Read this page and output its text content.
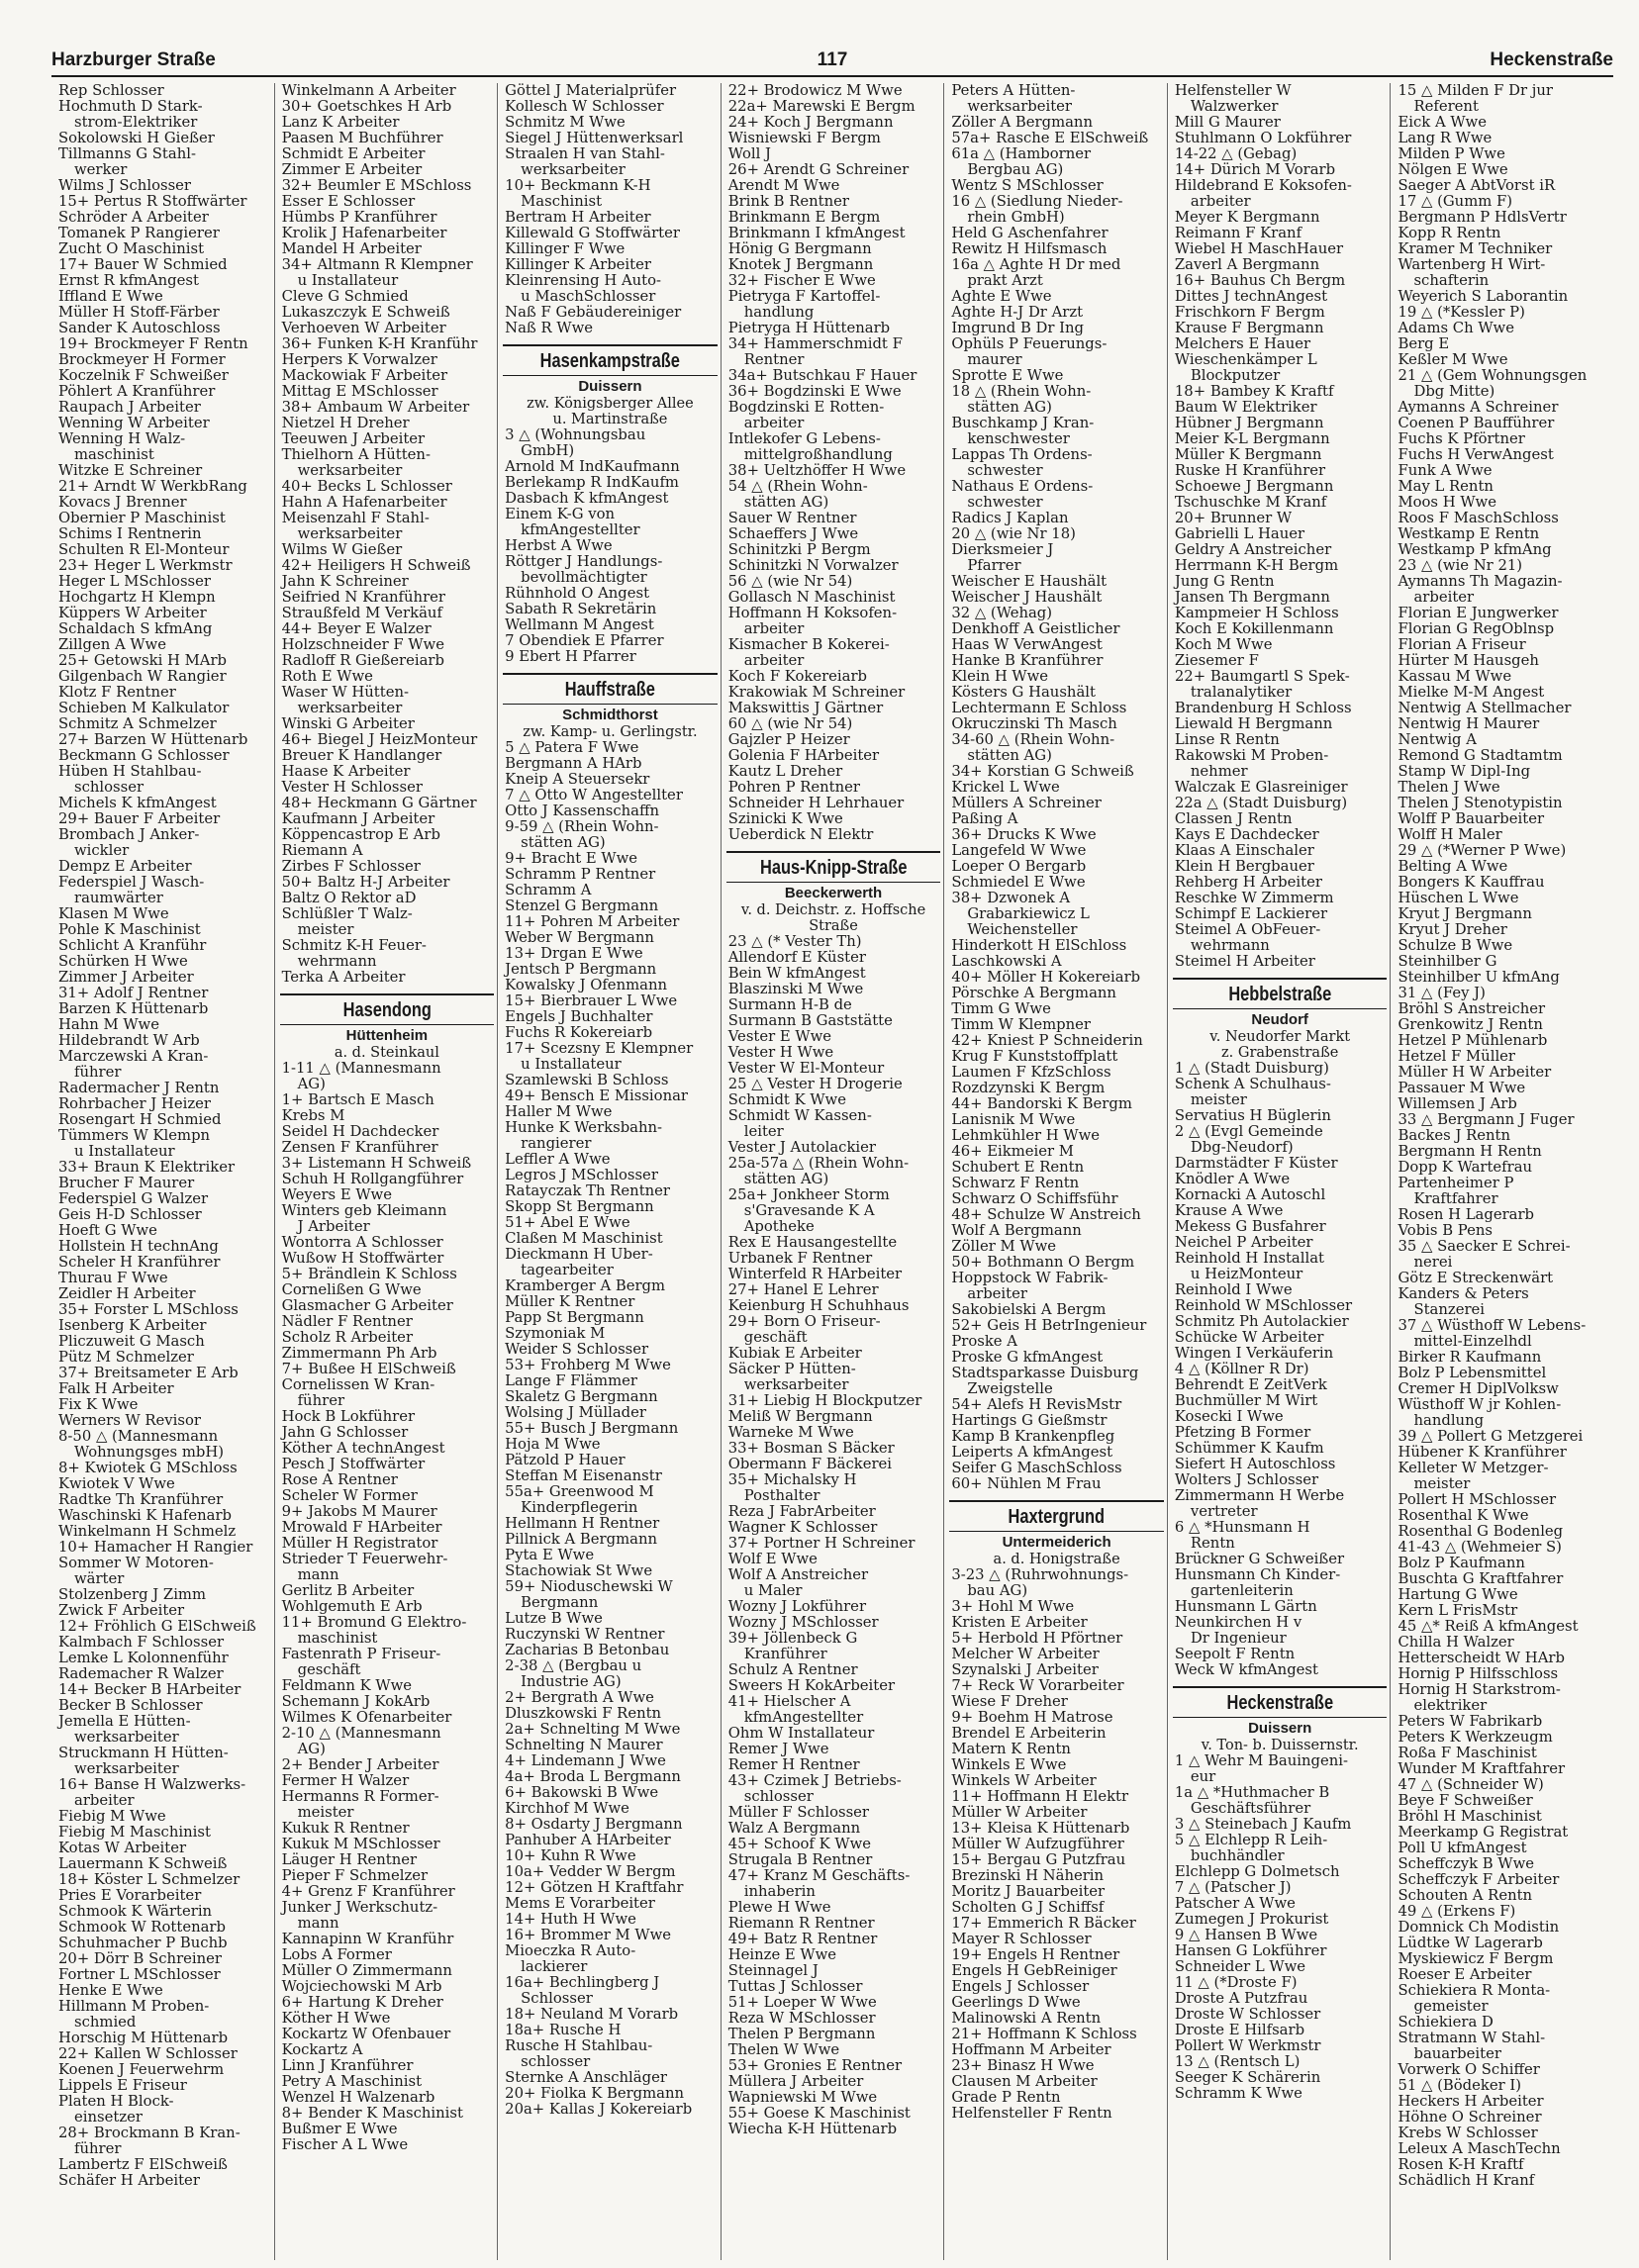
Harzburger Straße	117	Heckenstraße
Rep Schlosser
Hochmuth D Stark-
strom-Elektriker
Sokolowski H Gießer
Tillmanns G Stahl-
werker
Wilms J Schlosser
15+ Pertus R Stoffwärter
Schröder A Arbeiter
Tomanek P Rangierer
Zucht O Maschinist
17+ Bauer W Schmied
Ernst R kfmAngest
Iffland E Wwe
Müller H Stoff-Färber
Sander K Autoschloss
19+ Brockmeyer F Rentn
Brockmeyer H Former
Koczelnik F Schweißer
Pöhlert A Kranführer
Raupach J Arbeiter
Wenning W Arbeiter
Wenning H Walz-
maschinist
Witzke E Schreiner
21+ Arndt W WerkbRang
Kovacs J Brenner
Obernier P Maschinist
Schims I Rentnerin
Schulten R El-Monteur
23+ Heger L Werkmstr
Heger L MSchlosser
Hochgartz H Klempn
Küppers W Arbeiter
Schaldach S kfmAng
Zillgen A Wwe
25+ Getowski H MArb
Gilgenbach W Rangier
Klotz F Rentner
Schieben M Kalkulator
Schmitz A Schmelzer
27+ Barzen W Hüttenarb
Beckmann G Schlosser
Hüben H Stahlbau-
schlosser
Michels K kfmAngest
29+ Bauer F Arbeiter
Brombach J Anker-
wickler
Dempz E Arbeiter
Federspiel J Wasch-
raumwärter
Klasen M Wwe
Pohle K Maschinist
Schlicht A Kranführ
Schürken H Wwe
Zimmer J Arbeiter
31+ Adolf J Rentner
Barzen K Hüttenarb
Hahn M Wwe
Hildebrandt W Arb
Marczewski A Kran-
führer
Radermacher J Rentn
Rohrbacher J Heizer
Rosengart H Schmied
Tümmers W Klempn
u Installateur
33+ Braun K Elektriker
Brucher F Maurer
Federspiel G Walzer
Geis H-D Schlosser
Hoeft G Wwe
Hollstein H technAng
Scheler H Kranführer
Thurau F Wwe
Zeidler H Arbeiter
35+ Forster L MSchloss
Isenberg K Arbeiter
Pliczuweit G Masch
Pütz M Schmelzer
37+ Breitsameter E Arb
Falk H Arbeiter
Fix K Wwe
Werners W Revisor
8-50 △ (Mannesmann
Wohnungsges mbH)
8+ Kwiotek G MSchloss
Kwiotek V Wwe
Radtke Th Kranführer
Waschinski K Hafenarb
Winkelmann H Schmelz
10+ Hamacher H Rangier
Sommer W Motoren-
wärter
Stolzenberg J Zimm
Zwick F Arbeiter
12+ Fröhlich G ElSchweiß
Kalmbach F Schlosser
Lemke L Kolonnenführ
Rademacher R Walzer
14+ Becker B HArbeiter
Becker B Schlosser
Jemella E Hütten-
werksarbeiter
Struckmann H Hütten-
werksarbeiter
16+ Banse H Walzwerks-
arbeiter
Fiebig M Wwe
Fiebig M Maschinist
Kotas W Arbeiter
Lauermann K Schweiß
18+ Köster L Schmelzer
Pries E Vorarbeiter
Schmook K Wärterin
Schmook W Rottenarb
Schuhmacher P Buchb
20+ Dörr B Schreiner
Fortner L MSchlosser
Henke E Wwe
Hillmann M Proben-
schmied
Horschig M Hüttenarb
22+ Kallen W Schlosser
Koenen J Feuerwehrm
Lippels E Friseur
Platen H Block-
einsetzer
28+ Brockmann B Kran-
führer
Lambertz F ElSchweiß
Schäfer H Arbeiter
Winkelmann A Arbeiter
30+ Goetschkes H Arb
Lanz K Arbeiter
Paasen M Buchführer
Schmidt E Arbeiter
Zimmer E Arbeiter
32+ Beumler E MSchloss
Esser E Schlosser
Hümbs P Kranführer
Krolik J Hafenarbeiter
Mandel H Arbeiter
34+ Altmann R Klempner
u Installateur
Cleve G Schmied
Lukaszczyk E Schweiß
Verhoeven W Arbeiter
36+ Funken K-H Kranführ
Herpers K Vorwalzer
Mackowiak F Arbeiter
Mittag E MSchlosser
38+ Ambaum W Arbeiter
Nietzel H Dreher
Teeuwen J Arbeiter
Thielhorn A Hütten-
werksarbeiter
40+ Becks L Schlosser
Hahn A Hafenarbeiter
Meisenzahl F Stahl-
werksarbeiter
Wilms W Gießer
42+ Heiligers H Schweiß
Jahn K Schreiner
Seifried N Kranführer
Straußfeld M Verkäuf
44+ Beyer E Walzer
Holzschneider F Wwe
Radloff R Gießereiarb
Roth E Wwe
Waser W Hütten-
werksarbeiter
Winski G Arbeiter
46+ Biegel J HeizMonteur
Breuer K Handlanger
Haase K Arbeiter
Vester H Schlosser
48+ Heckmann G Gärtner
Kaufmann J Arbeiter
Köppencastrop E Arb
Riemann A
Zirbes F Schlosser
50+ Baltz H-J Arbeiter
Baltz O Rektor aD
Schlüßler T Walz-
meister
Schmitz K-H Feuer-
wehrmann
Terka A Arbeiter
Hasendong
Hüttenheim
a. d. Steinkaul
1-11 △ (Mannesmann
AG)
1+ Bartsch E Masch
Krebs M
Seidel H Dachdecker
Zensen F Kranführer
3+ Listemann H Schweiß
Schuh H Rollgangführer
Weyers E Wwe
Winters geb Kleimann
J Arbeiter
Wontorra A Schlosser
Wußow H Stoffwärter
5+ Brändlein K Schloss
Cornelißen G Wwe
Glasmacher G Arbeiter
Nädler F Rentner
Scholz R Arbeiter
Zimmermann Ph Arb
7+ Bußee H ElSchweiß
Cornelissen W Kran-
führer
Hock B Lokführer
Jahn G Schlosser
Köther A technAngest
Pesch J Stoffwärter
Rose A Rentner
Scheler W Former
9+ Jakobs M Maurer
Mrowald F HArbeiter
Müller H Registrator
Strieder T Feuerwehr-
mann
Gerlitz B Arbeiter
Wohlgemuth E Arb
11+ Bromund G Elektro-
maschinist
Fastenrath P Friseur-
geschäft
Feldmann K Wwe
Schemann J KokArb
Wilmes K Ofenarbeiter
2-10 △ (Mannesmann
AG)
2+ Bender J Arbeiter
Fermer H Walzer
Hermanns R Former-
meister
Kukuk R Rentner
Kukuk M MSchlosser
Läuger H Rentner
Pieper F Schmelzer
4+ Grenz F Kranführer
Junker J Werkschutz-
mann
Kannapinn W Kranführ
Lobs A Former
Müller O Zimmermann
Wojciechowski M Arb
6+ Hartung K Dreher
Köther H Wwe
Kockartz W Ofenbauer
Kockartz A
Linn J Kranführer
Petry A Maschinist
Wenzel H Walzenarb
8+ Bender K Maschinist
Bußmer E Wwe
Fischer A L Wwe
Göttel J Materialprüfer
Kollesch W Schlosser
Schmitz M Wwe
Siegel J Hüttenwerksarl
Straalen H van Stahl-
werksarbeiter
10+ Beckmann K-H
Maschinist
Bertram H Arbeiter
Killewald G Stoffwärter
Killinger F Wwe
Killinger K Arbeiter
Kleinrensing H Auto-
u MaschSchlosser
Naß F Gebäudereiniger
Naß R Wwe
Hasenkampstraße
Duissern
zw. Königsberger Allee
u. Martinstraße
3 △ (Wohnungsbau
GmbH)
Arnold M IndKaufmann
Berlekamp R IndKaufm
Dasbach K kfmAngest
Einem K-G von
kfmAngestellter
Herbst A Wwe
Röttger J Handlungs-
bevollmächtigter
Rühnhold O Angest
Sabath R Sekretärin
Wellmann M Angest
7 Obendiek E Pfarrer
9 Ebert H Pfarrer
Hauffstraße
Schmidthorst
zw. Kamp- u. Gerlingstr.
5 △ Patera F Wwe
Bergmann A HArb
Kneip A Steuersekr
7 △ Otto W Angestellter
Otto J Kassenschaffn
9-59 △ (Rhein Wohn-
stätten AG)
9+ Bracht E Wwe
Schramm P Rentner
Schramm A
Stenzel G Bergmann
11+ Pohren M Arbeiter
Weber W Bergmann
13+ Drgan E Wwe
Jentsch P Bergmann
Kowalsky J Ofenmann
15+ Bierbrauer L Wwe
Engels J Buchhalter
Fuchs R Kokereiarb
17+ Scezsny E Klempner
u Installateur
Szamlewski B Schloss
49+ Bensch E Missionar
Haller M Wwe
Hunke K Werksbahn-
rangierer
Leffler A Wwe
Legros J MSchlosser
Ratayczak Th Rentner
Skopp St Bergmann
51+ Abel E Wwe
Claßen M Maschinist
Dieckmann H Über-
tagearbeiter
Kramberger A Bergm
Müller K Rentner
Papp St Bergmann
Szymoniak M
Weider S Schlosser
53+ Frohberg M Wwe
Lange F Flämmer
Skaletz G Bergmann
Wolsing J Müllader
55+ Busch J Bergmann
Hoja M Wwe
Pätzold P Hauer
Steffan M Eisenanstr
55a+ Greenwood M
Kinderpflegerin
Hellmann H Rentner
Pillnick A Bergmann
Pyta E Wwe
Stachowiak St Wwe
59+ Nioduschewski W
Bergmann
Lutze B Wwe
Ruczynski W Rentner
Zacharias B Betonbau
2-38 △ (Bergbau u
Industrie AG)
2+ Bergrath A Wwe
Dluszkowski F Rentn
2a+ Schnelting M Wwe
Schnelting N Maurer
4+ Lindemann J Wwe
4a+ Broda L Bergmann
6+ Bakowski B Wwe
Kirchhof M Wwe
8+ Osdarty J Bergmann
Panhuber A HArbeiter
10+ Kuhn R Wwe
10a+ Vedder W Bergm
12+ Götzen H Kraftfahr
Mems E Vorarbeiter
14+ Huth H Wwe
16+ Brommer M Wwe
Mioeczka R Auto-
lackierer
16a+ Bechlingberg J
Schlosser
18+ Neuland M Vorarb
18a+ Rusche H
Rusche H Stahlbau-
schlosser
Sternke A Anschläger
20+ Fiolka K Bergmann
20a+ Kallas J Kokereiarb
22+ Brodowicz M Wwe
22a+ Marewski E Bergm
24+ Koch J Bergmann
Wisniewski F Bergm
Woll J
26+ Arendt G Schreiner
Arendt M Wwe
Brink B Rentner
Brinkmann E Bergm
Brinkmann I kfmAngest
Hönig G Bergmann
Knotek J Bergmann
32+ Fischer E Wwe
Pietryga F Kartoffel-
handlung
Pietryga H Hüttenarb
34+ Hammerschmidt F
Rentner
34a+ Butschkau F Hauer
36+ Bogdzinski E Wwe
Bogdzinski E Rotten-
arbeiter
Intlekofer G Lebens-
mittelgroßhandlung
38+ Ueltzhöffer H Wwe
54 △ (Rhein Wohn-
stätten AG)
Sauer W Rentner
Schaeffers J Wwe
Schinitzki P Bergm
Schinitzki N Vorwalzer
56 △ (wie Nr 54)
Gollasch N Maschinist
Hoffmann H Koksofen-
arbeiter
Kismacher B Kokerei-
arbeiter
Koch F Kokereiarb
Krakowiak M Schreiner
Makswittis J Gärtner
60 △ (wie Nr 54)
Gajzler P Heizer
Golenia F HArbeiter
Kautz L Dreher
Pohren P Rentner
Schneider H Lehrhauer
Szinicki K Wwe
Ueberdick N Elektr
Haus-Knipp-Straße
Beeckerwerth
v. d. Deichstr. z. Hoffsche
Straße
23 △ (* Vester Th)
Allendorf E Küster
Bein W kfmAngest
Blaszinski M Wwe
Surmann H-B de
Surmann B Gaststätte
Vester E Wwe
Vester H Wwe
Vester W El-Monteur
25 △ Vester H Drogerie
Schmidt K Wwe
Schmidt W Kassen-
leiter
Vester J Autolackier
25a-57a △ (Rhein Wohn-
stätten AG)
25a+ Jonkheer Storm
s'Gravesande K A
Apotheke
Rex E Hausangestellte
Urbanek F Rentner
Winterfeld R HArbeiter
27+ Hanel E Lehrer
Keienburg H Schuhhaus
29+ Born O Friseur-
geschäft
Kubiak E Arbeiter
Säcker P Hütten-
werksarbeiter
31+ Liebig H Blockputzer
Meliß W Bergmann
Warneke M Wwe
33+ Bosman S Bäcker
Obermann F Bäckerei
35+ Michalsky H
Posthalter
Reza J FabrArbeiter
Wagner K Schlosser
37+ Portner H Schreiner
Wolf E Wwe
Wolf A Anstreicher
u Maler
Wozny J Lokführer
Wozny J MSchlosser
39+ Jöllenbeck G
Kranführer
Schulz A Rentner
Sweers H KokArbeiter
41+ Hielscher A
kfmAngestellter
Ohm W Installateur
Remer J Wwe
Remer H Rentner
43+ Czimek J Betriebs-
schlosser
Müller F Schlosser
Walz A Bergmann
45+ Schoof K Wwe
Strugala B Rentner
47+ Kranz M Geschäfts-
inhaberin
Plewe H Wwe
Riemann R Rentner
49+ Batz R Rentner
Heinze E Wwe
Steinnagel J
Tuttas J Schlosser
51+ Loeper W Wwe
Reza W MSchlosser
Thelen P Bergmann
Thelen W Wwe
53+ Gronies E Rentner
Müllera J Arbeiter
Wapniewski M Wwe
55+ Goese K Maschinist
Wiecha K-H Hüttenarb
Peters A Hütten-
werksarbeiter
Zöller A Bergmann
57a+ Rasche E ElSchweiß
61a △ (Hamborner
Bergbau AG)
Wentz S MSchlosser
16 △ (Siedlung Nieder-
rhein GmbH)
Held G Aschenfahrer
Rewitz H Hilfsmasch
16a △ Aghte H Dr med
prakt Arzt
Aghte E Wwe
Aghte H-J Dr Arzt
Imgrund B Dr Ing
Ophüls P Feuerungs-
maurer
Sprotte E Wwe
18 △ (Rhein Wohn-
stätten AG)
Buschkamp J Kran-
kenschwester
Lappas Th Ordens-
schwester
Nathaus E Ordens-
schwester
Radics J Kaplan
20 △ (wie Nr 18)
Dierksmeier J
Pfarrer
Weischer E Haushält
Weischer J Haushält
32 △ (Wehag)
Denkhoff A Geistlicher
Haas W VerwAngest
Hanke B Kranführer
Klein H Wwe
Kösters G Haushält
Lechtermann E Schloss
Okruczinski Th Masch
34-60 △ (Rhein Wohn-
stätten AG)
34+ Korstian G Schweiß
Krickel L Wwe
Müllers A Schreiner
Paßing A
36+ Drucks K Wwe
Langefeld W Wwe
Loeper O Bergarb
Schmiedel E Wwe
38+ Dzwonek A
Grabarkiewicz L
Weichensteller
Hinderkott H ElSchloss
Laschkowski A
40+ Möller H Kokereiarb
Pörschke A Bergmann
Timm G Wwe
Timm W Klempner
42+ Kniest P Schneiderin
Krug F Kunststoffplatt
Laumen F KfzSchloss
Rozdzynski K Bergm
44+ Bandorski K Bergm
Lanisnik M Wwe
Lehmkühler H Wwe
46+ Eikmeier M
Schubert E Rentn
Schwarz F Rentn
Schwarz O Schiffsführ
48+ Schulze W Anstreich
Wolf A Bergmann
Zöller M Wwe
50+ Bothmann O Bergm
Hoppstock W Fabrik-
arbeiter
Sakobielski A Bergm
52+ Geis H BetrIngenieur
Proske A
Proske G kfmAngest
Stadtsparkasse Duisburg
Zweigstelle
54+ Alefs H RevisMstr
Hartings G Gießmstr
Kamp B Krankenpfleg
Leiperts A kfmAngest
Seifer G MaschSchloss
60+ Nühlen M Frau
Haxtergrund
Untermeiderich
a. d. Honigstraße
3-23 △ (Ruhrwohnungs-
bau AG)
3+ Hohl M Wwe
Kristen E Arbeiter
5+ Herbold H Pförtner
Melcher W Arbeiter
Szynalski J Arbeiter
7+ Reck W Vorarbeiter
Wiese F Dreher
9+ Boehm H Matrose
Brendel E Arbeiterin
Matern K Rentn
Winkels E Wwe
Winkels W Arbeiter
11+ Hoffmann H Elektr
Müller W Arbeiter
13+ Kleisa K Hüttenarb
Müller W Aufzugführer
15+ Bergau G Putzfrau
Brezinski H Näherin
Moritz J Bauarbeiter
Scholten G J Schiffsf
17+ Emmerich R Bäcker
Mayer R Schlosser
19+ Engels H Rentner
Engels H GebReiniger
Engels J Schlosser
Geerlings D Wwe
Malinowski A Rentn
21+ Hoffmann K Schloss
Hoffmann M Arbeiter
23+ Binasz H Wwe
Clausen M Arbeiter
Grade P Rentn
Helfensteller F Rentn
Helfensteller W
Walzwerker
Mill G Maurer
Stuhlmann O Lokführer
14-22 △ (Gebag)
14+ Dürich M Vorarb
Hildebrand E Koksofen-
arbeiter
Meyer K Bergmann
Reimann F Kranf
Wiebel H MaschHauer
Zaverl A Bergmann
16+ Bauhus Ch Bergm
Dittes J technAngest
Frischkorn F Bergm
Krause F Bergmann
Melchers E Hauer
Wieschenkämper L
Blockputzer
18+ Bambey K Kraftf
Baum W Elektriker
Hübner J Bergmann
Meier K-L Bergmann
Müller K Bergmann
Ruske H Kranführer
Schoewe J Bergmann
Tschuschke M Kranf
20+ Brunner W
Gabrielli L Hauer
Geldry A Anstreicher
Herrmann K-H Bergm
Jung G Rentn
Jansen Th Bergmann
Kampmeier H Schloss
Koch E Kokillenmann
Koch M Wwe
Ziesemer F
22+ Baumgartl S Spek-
tralanalytiker
Brandenburg H Schloss
Liewald H Bergmann
Linse R Rentn
Rakowski M Proben-
nehmer
Walczak E Glasreiniger
22a △ (Stadt Duisburg)
Classen J Rentn
Kays E Dachdecker
Klaas A Einschaler
Klein H Bergbauer
Rehberg H Arbeiter
Reschke W Zimmerm
Schimpf E Lackierer
Steimel A ObFeuer-
wehrmann
Steimel H Arbeiter
Hebbelstraße
Neudorf
v. Neudorfer Markt
z. Grabenstraße
1 △ (Stadt Duisburg)
Schenk A Schulhaus-
meister
Servatius H Büglerin
2 △ (Evgl Gemeinde
Dbg-Neudorf)
Darmstädter F Küster
Knödler A Wwe
Kornacki A Autoschl
Krause A Wwe
Mekess G Busfahrer
Neichel P Arbeiter
Reinhold H Installat
u HeizMonteur
Reinhold I Wwe
Reinhold W MSchlosser
Schmitz Ph Autolackier
Schücke W Arbeiter
Wingen I Verkäuferin
4 △ (Köllner R Dr)
Behrendt E ZeitVerk
Buchmüller M Wirt
Kosecki I Wwe
Pfetzing B Former
Schümmer K Kaufm
Siefert H Autoschloss
Wolters J Schlosser
Zimmermann H Werbe
vertreter
6 △ *Hunsmann H
Rentn
Brückner G Schweißer
Hunsmann Ch Kinder-
gartenleiterin
Hunsmann L Gärtn
Neunkirchen H v
Dr Ingenieur
Seepolt F Rentn
Weck W kfmAngest
Heckenstraße
Duissern
v. Ton- b. Duissernstr.
1 △ Wehr M Bauingeni-
eur
1a △ *Huthmacher B
Geschäftsführer
3 △ Steinebach J Kaufm
5 △ Elchlepp R Leih-
buchhändler
Elchlepp G Dolmetsch
7 △ (Patscher J)
Patscher A Wwe
Zumegen J Prokurist
9 △ Hansen B Wwe
Hansen G Lokführer
Schneider L Wwe
11 △ (*Droste F)
Droste A Putzfrau
Droste W Schlosser
Droste E Hilfsarb
Pollert W Werkmstr
13 △ (Rentsch L)
Seeger K Schärerin
Schramm K Wwe
15 △ Milden F Dr jur
Referent
Eick A Wwe
Lang R Wwe
Milden P Wwe
Nölgen E Wwe
Saeger A AbtVorst iR
17 △ (Gumm F)
Bergmann P HdlsVertr
Kopp R Rentn
Kramer M Techniker
Wartenberg H Wirt-
schafterin
Weyerich S Laborantin
19 △ (*Kessler P)
Adams Ch Wwe
Berg E
Keßler M Wwe
21 △ (Gem Wohnungsgen
Dbg Mitte)
Aymanns A Schreiner
Coenen P Baufführer
Fuchs K Pförtner
Fuchs H VerwAngest
Funk A Wwe
May L Rentn
Moos H Wwe
Roos F MaschSchloss
Westkamp E Rentn
Westkamp P kfmAng
23 △ (wie Nr 21)
Aymanns Th Magazin-
arbeiter
Florian E Jungwerker
Florian G RegOblnsp
Florian A Friseur
Hürter M Hausgeh
Kassau M Wwe
Mielke M-M Angest
Nentwig A Stellmacher
Nentwig H Maurer
Nentwig A
Remond G Stadtamtm
Stamp W Dipl-Ing
Thelen J Wwe
Thelen J Stenotypistin
Wolff P Bauarbeiter
Wolff H Maler
29 △ (*Werner P Wwe)
Belting A Wwe
Bongers K Kauffrau
Hüschen L Wwe
Kryut J Bergmann
Kryut J Dreher
Schulze B Wwe
Steinhilber G
Steinhilber U kfmAng
31 △ (Fey J)
Bröhl S Anstreicher
Grenkowitz J Rentn
Hetzel P Mühlenarb
Hetzel F Müller
Müller H W Arbeiter
Passauer M Wwe
Willemsen J Arb
33 △ Bergmann J Fuger
Backes J Rentn
Bergmann H Rentn
Dopp K Wartefrau
Partenheimer P
Kraftfahrer
Rosen H Lagerarb
Vobis B Pens
35 △ Saecker E Schrei-
nerei
Götz E Streckenwärt
Kanders & Peters
Stanzerei
37 △ Wüsthoff W Lebens-
mittel-Einzelhdl
Birker R Kaufmann
Bolz P Lebensmittel
Cremer H DiplVolksw
Wüsthoff W jr Kohlen-
handlung
39 △ Pollert G Metzgerei
Hübener K Kranführer
Kelleter W Metzger-
meister
Pollert H MSchlosser
Rosenthal K Wwe
Rosenthal G Bodenleg
41-43 △ (Wehmeier S)
Bolz P Kaufmann
Buschta G Kraftfahrer
Hartung G Wwe
Kern L FrisMstr
45 △* Reiß A kfmAngest
Chilla H Walzer
Hetterscheidt W HArb
Hornig P Hilfsschloss
Hornig H Starkstrom-
elektriker
Peters W Fabrikarb
Peters K Werkzeugm
Roßa F Maschinist
Wunder M Kraftfahrer
47 △ (Schneider W)
Beye F Schweißer
Bröhl H Maschinist
Meerkamp G Registrat
Poll U kfmAngest
Scheffczyk B Wwe
Scheffczyk F Arbeiter
Schouten A Rentn
49 △ (Erkens F)
Domnick Ch Modistin
Lüdtke W Lagerarb
Myskiewicz F Bergm
Roeser E Arbeiter
Schiekiera R Monta-
gemeister
Schiekiera D
Stratmann W Stahl-
bauarbeiter
Vorwerk O Schiffer
51 △ (Bödeker I)
Heckers H Arbeiter
Höhne O Schreiner
Krebs W Schlosser
Leleux A MaschTechn
Rosen K-H Kraftf
Schädlich H Kranf
